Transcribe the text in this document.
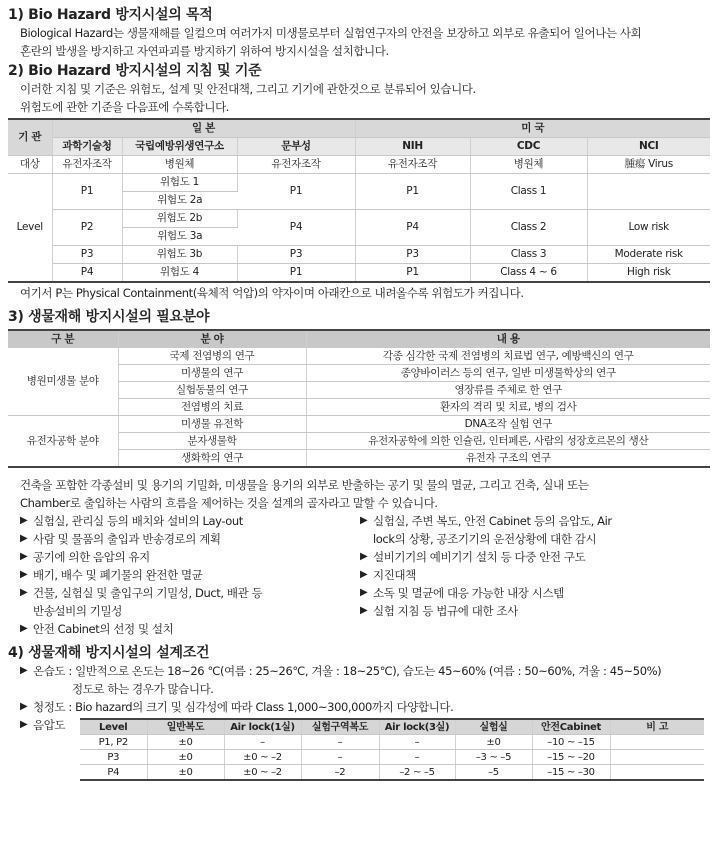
1) Bio Hazard 방지시설의 목적

Biological Hazard는 생물재해를 일컬으며 여러가지 미생물로부터 실험연구자의 안전을 보장하고 외부로 유출되어 일어나는 사회

혼란의 발생을 방지하고 자연파괴를 방지하기 위하여 방지시설을 설치합니다.

2) Bio Hazard 방지시설의 지침 및 기준

이러한 지침 및 기준은 위험도, 설계 및 안전대책, 그리고 기기에 관한것으로 분류되어 있습니다.

위험도에 관한 기준을 다음표에 수록합니다.

기 관	일 본			미 국		
	과학기술청	국립예방위생연구소	문부성	NIH	CDC	NCI
대상	유전자조작	병원체	유전자조작	유전자조작	병원체	腫瘍 Virus
Level	P1	위험도 1	P1	P1	Class 1	
		위험도 2a				
	P2	위험도 2b	P4	P4	Class 2	Low risk
		위험도 3a				
	P3	위험도 3b	P3	P3	Class 3	Moderate risk
	P4	위험도 4	P1	P1	Class 4 ~ 6	High risk

여기서 P는 Physical Containment(육체적 억압)의 약자이며 아래칸으로 내려올수록 위험도가 커집니다.

3) 생물재해 방지시설의 필요분야

구 분	분 야	내 용
병원미생물 분야	국제 전염병의 연구	각종 심각한 국제 전염병의 치료법 연구, 예방백신의 연구
	미생물의 연구	종양바이러스 등의 연구, 일반 미생물학상의 연구
	실험동물의 연구	영장류를 주체로 한 연구
	전염병의 치료	환자의 격리 및 치료, 병의 검사
유전자공학 분야	미생물 유전학	DNA조작 실험 연구
	분자생물학	유전자공학에 의한 인슐린, 인터페론, 사람의 성장호르몬의 생산
	생화학의 연구	유전자 구조의 연구

건축을 포함한 각종설비 및 용기의 기밀화, 미생물을 용기의 외부로 반출하는 공기 및 물의 멸균, 그리고 건축, 실내 또는

Chamber로 출입하는 사람의 흐름을 제어하는 것을 설계의 골자라고 말할 수 있습니다.

▶ 실험실, 관리실 등의 배치와 설비의 Lay-out
▶ 사람 및 물품의 출입과 반송경로의 계획
▶ 공기에 의한 음압의 유지
▶ 배기, 배수 및 폐기물의 완전한 멸균
▶ 건물, 실험실 및 출입구의 기밀성, Duct, 배관 등
반송설비의 기밀성
▶ 안전 Cabinet의 선정 및 설치
▶ 실험실, 주변 복도, 안전 Cabinet 등의 음압도, Air
lock의 상황, 공조기기의 운전상황에 대한 감시
▶ 설비기기의 예비기기 설치 등 다중 안전 구도
▶ 지진대책
▶ 소독 및 멸균에 대응 가능한 내장 시스템
▶ 실험 지침 등 법규에 대한 조사

4) 생물재해 방지시설의 설계조건

▶ 온습도 : 일반적으로 온도는 18~26 ℃(여름 : 25~26℃, 겨울 : 18~25℃), 습도는 45~60% (여름 : 50~60%, 겨울 : 45~50%)
정도로 하는 경우가 많습니다.
▶ 청정도 : Bio hazard의 크기 및 심각성에 따라 Class 1,000~300,000까지 다양합니다.
▶ 음압도	Level	일반복도	Air lock(1실)	실험구역복도	Air lock(3실)	실험실	안전Cabinet	비 고
P1, P2	±0	–	–	–	±0	–10 ~ –15	
P3	±0	±0 ~ –2	–	–	–3 ~ –5	–15 ~ –20	
P4	±0	±0 ~ –2	–2	–2 ~ –5	–5	–15 ~ –30	
